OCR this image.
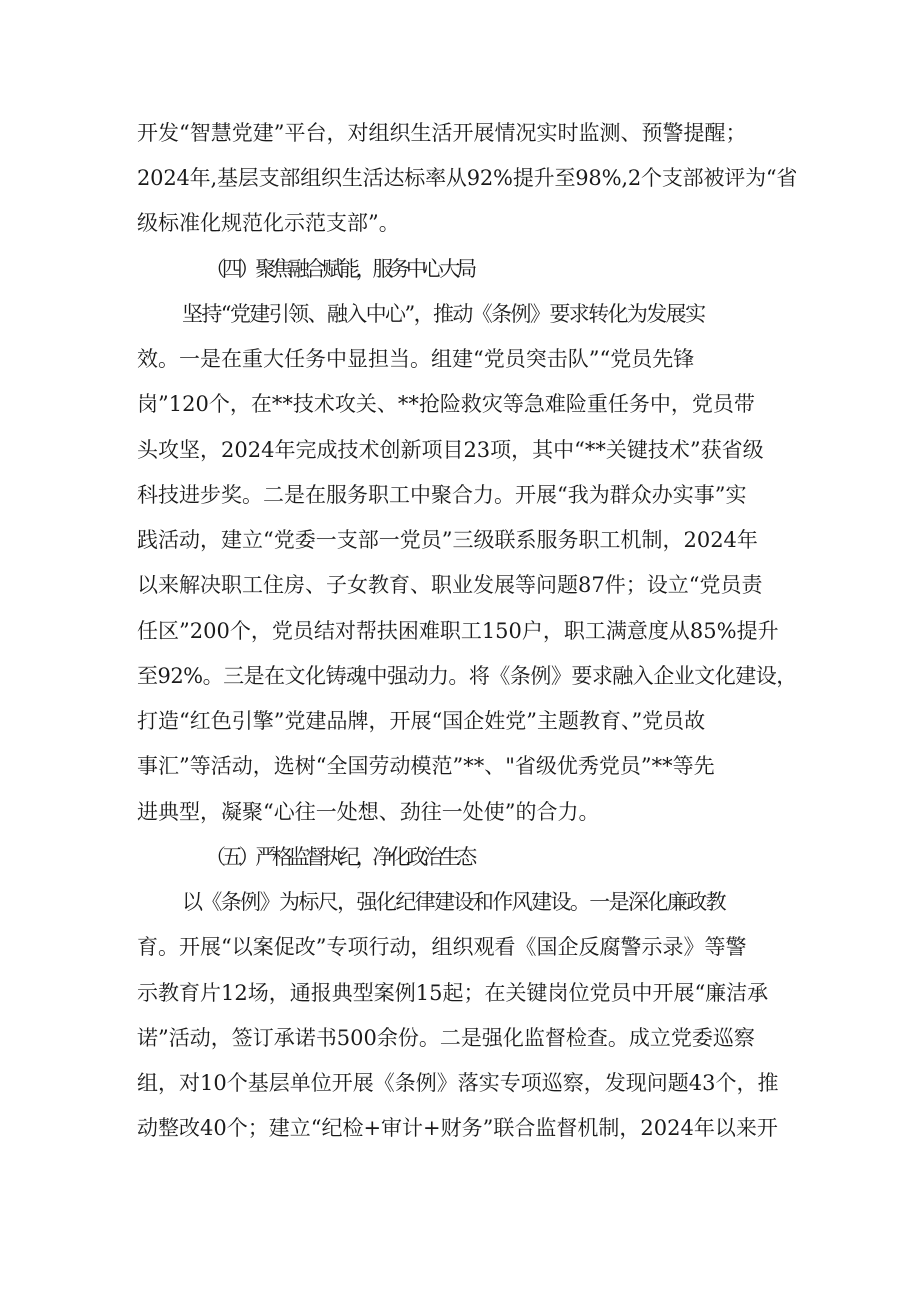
开发“智慧党建”平台，对组织生活开展情况实时监测、预警提醒；
2024年,基层支部组织生活达标率从92%提升至98%,2个支部被评为“省
级标准化规范化示范支部”。
（四）聚焦融合赋能，服务中心大局
坚持“党建引领、融入中心”，推动《条例》要求转化为发展实
效。一是在重大任务中显担当。组建“党员突击队”“党员先锋
岗”120个，在**技术攻关、**抢险救灾等急难险重任务中，党员带
头攻坚，2024年完成技术创新项目23项，其中“**关键技术”获省级
科技进步奖。二是在服务职工中聚合力。开展“我为群众办实事”实
践活动，建立“党委一支部一党员”三级联系服务职工机制，2024年
以来解决职工住房、子女教育、职业发展等问题87件；设立“党员责
任区”200个，党员结对帮扶困难职工150户，职工满意度从85%提升
至92%。三是在文化铸魂中强动力。将《条例》要求融入企业文化建设，
打造“红色引擎”党建品牌，开展“国企姓党”主题教育、”党员故
事汇”等活动，选树“全国劳动模范”**、"省级优秀党员”**等先
进典型，凝聚“心往一处想、劲往一处使”的合力。
（五）严格监督执纪，净化政治生态
以《条例》为标尺，强化纪律建设和作风建设。一是深化廉政教
育。开展“以案促改”专项行动，组织观看《国企反腐警示录》等警
示教育片12场，通报典型案例15起；在关键岗位党员中开展“廉洁承
诺”活动，签订承诺书500余份。二是强化监督检查。成立党委巡察
组，对10个基层单位开展《条例》落实专项巡察，发现问题43个，推
动整改40个；建立“纪检+审计+财务”联合监督机制，2024年以来开
